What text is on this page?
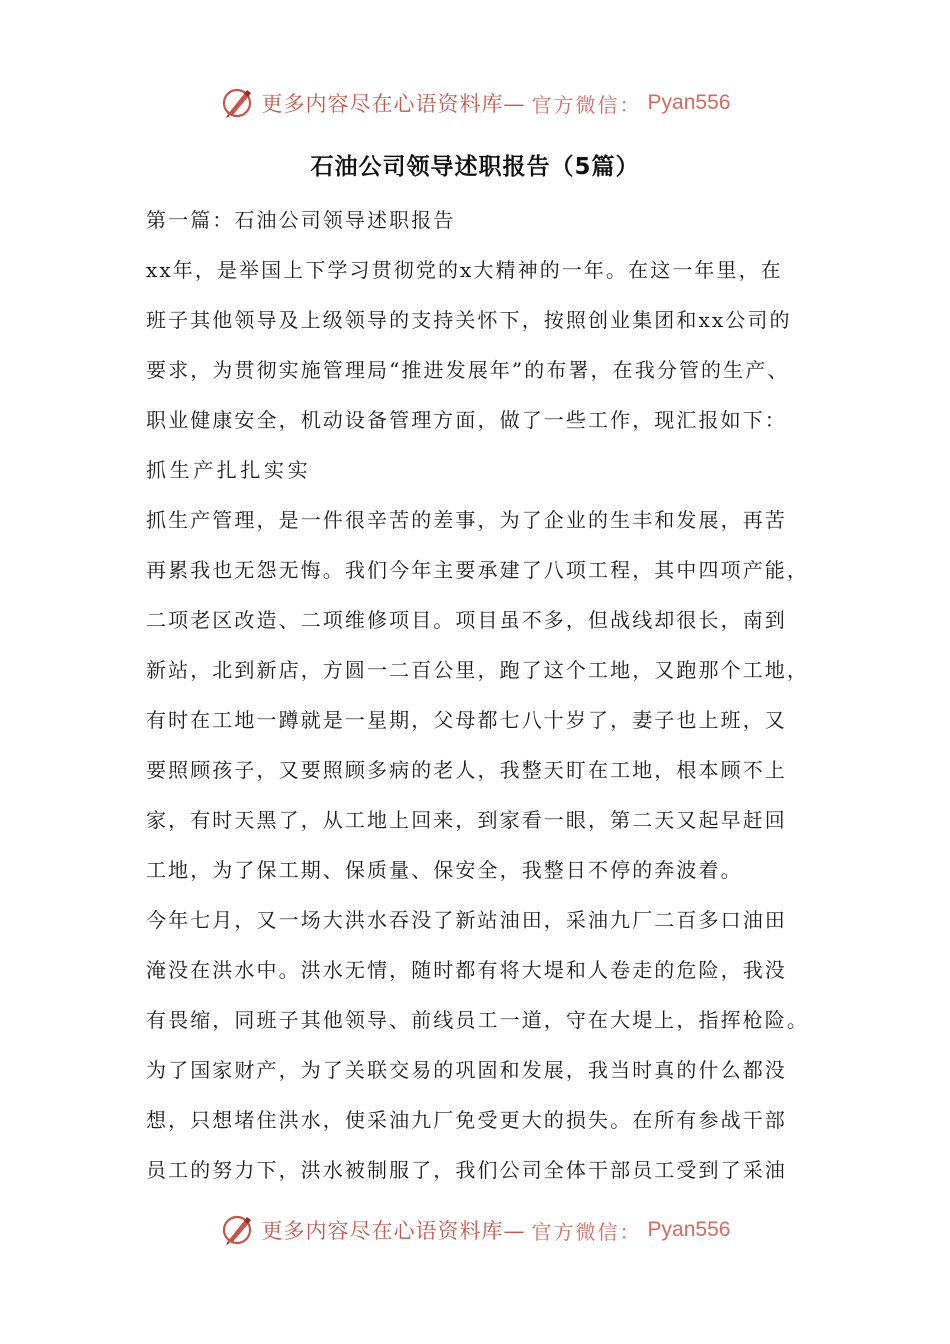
更多内容尽在心语资料库— 官方微信： Pyan556
石油公司领导述职报告（5篇）
第一篇：石油公司领导述职报告
xx年，是举国上下学习贯彻党的x大精神的一年。在这一年里，在
班子其他领导及上级领导的支持关怀下，按照创业集团和xx公司的
要求，为贯彻实施管理局“推进发展年”的布署，在我分管的生产、
职业健康安全，机动设备管理方面，做了一些工作，现汇报如下：
抓生产扎扎实实
抓生产管理，是一件很辛苦的差事，为了企业的生丰和发展，再苦
再累我也无怨无悔。我们今年主要承建了八项工程，其中四项产能，
二项老区改造、二项维修项目。项目虽不多，但战线却很长，南到
新站，北到新店，方圆一二百公里，跑了这个工地，又跑那个工地，
有时在工地一蹲就是一星期，父母都七八十岁了，妻子也上班，又
要照顾孩子，又要照顾多病的老人，我整天盯在工地，根本顾不上
家，有时天黑了，从工地上回来，到家看一眼，第二天又起早赶回
工地，为了保工期、保质量、保安全，我整日不停的奔波着。
今年七月，又一场大洪水吞没了新站油田，采油九厂二百多口油田
淹没在洪水中。洪水无情，随时都有将大堤和人卷走的危险，我没
有畏缩，同班子其他领导、前线员工一道，守在大堤上，指挥枪险。
为了国家财产，为了关联交易的巩固和发展，我当时真的什么都没
想，只想堵住洪水，使采油九厂免受更大的损失。在所有参战干部
员工的努力下，洪水被制服了，我们公司全体干部员工受到了采油
更多内容尽在心语资料库— 官方微信： Pyan556
